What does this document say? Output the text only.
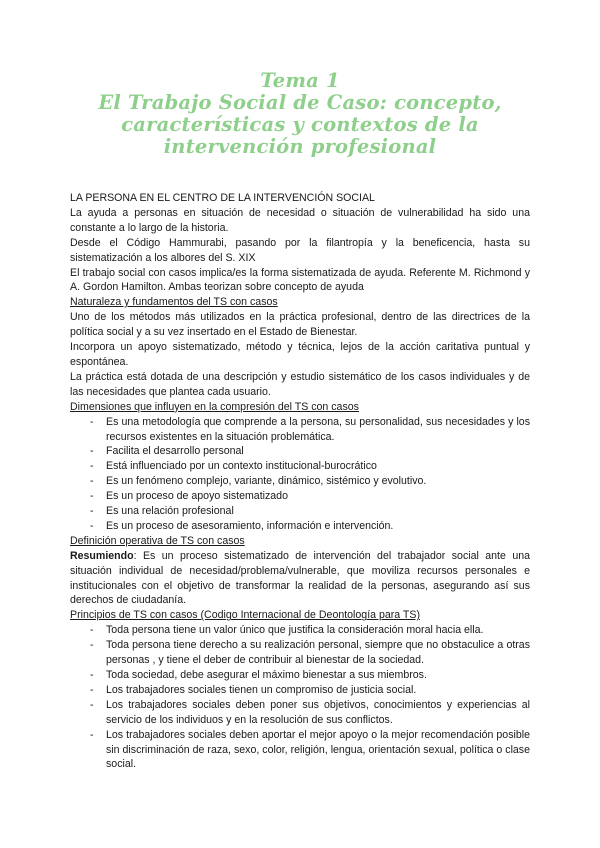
Tema 1
El Trabajo Social de Caso: concepto,
características y contextos de la
intervención profesional

LA PERSONA EN EL CENTRO DE LA INTERVENCIÓN SOCIAL

La ayuda a personas en situación de necesidad o situación de vulnerabilidad ha sido una constante a lo largo de la historia.

Desde el Código Hammurabi, pasando por la filantropía y la beneficencia, hasta su sistematización a los albores del S. XIX

El trabajo social con casos implica/es la forma sistematizada de ayuda. Referente M. Richmond y A. Gordon Hamilton. Ambas teorizan sobre concepto de ayuda

Naturaleza y fundamentos del TS con casos

Uno de los métodos más utilizados en la práctica profesional, dentro de las directrices de la política social y a su vez insertado en el Estado de Bienestar.

Incorpora un apoyo sistematizado, método y técnica, lejos de la acción caritativa puntual y espontánea.

La práctica está dotada de una descripción y estudio sistemático de los casos individuales y de las necesidades que plantea cada usuario.

Dimensiones que influyen en la compresión del TS con casos

- Es una metodología que comprende a la persona, su personalidad, sus necesidades y los recursos existentes en la situación problemática.
- Facilita el desarrollo personal
- Está influenciado por un contexto institucional-burocrático
- Es un fenómeno complejo, variante, dinámico, sistémico y evolutivo.
- Es un proceso de apoyo sistematizado
- Es una relación profesional
- Es un proceso de asesoramiento, información e intervención.

Definición operativa de TS con casos

Resumiendo: Es un proceso sistematizado de intervención del trabajador social ante una situación individual de necesidad/problema/vulnerable, que moviliza recursos personales e institucionales con el objetivo de transformar la realidad de la personas, asegurando así sus derechos de ciudadanía.

Principios de TS con casos (Codigo Internacional de Deontología para TS)

- Toda persona tiene un valor único que justifica la consideración moral hacia ella.
- Toda persona tiene derecho a su realización personal, siempre que no obstaculice a otras personas , y tiene el deber de contribuir al bienestar de la sociedad.
- Toda sociedad, debe asegurar el máximo bienestar a sus miembros.
- Los trabajadores sociales tienen un compromiso de justicia social.
- Los trabajadores sociales deben poner sus objetivos, conocimientos y experiencias al servicio de los individuos y en la resolución de sus conflictos.
- Los trabajadores sociales deben aportar el mejor apoyo o la mejor recomendación posible sin discriminación de raza, sexo, color, religión, lengua, orientación sexual, política o clase social.
